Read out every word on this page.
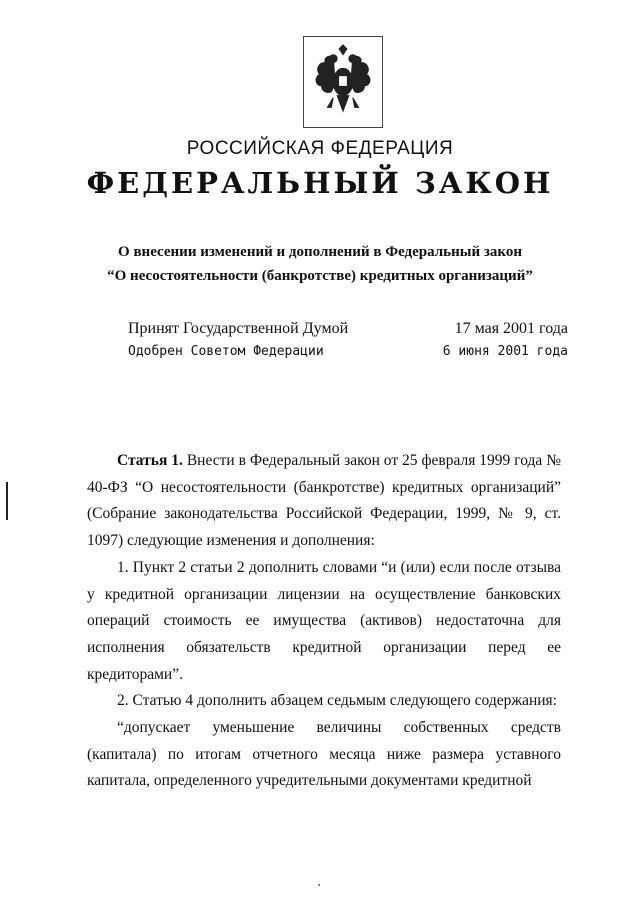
РОССИЙСКАЯ ФЕДЕРАЦИЯ
ФЕДЕРАЛЬНЫЙ ЗАКОН
О внесении изменений и дополнений в Федеральный закон
“О несостоятельности (банкротстве) кредитных организаций”
Принят Государственной Думой	17 мая 2001 года
Одобрен Советом Федерации	6 июня 2001 года

Статья 1. Внести в Федеральный закон от 25 февраля 1999 года № 40-ФЗ “О несостоятельности (банкротстве) кредитных организаций” (Собрание законодательства Российской Федерации, 1999, № 9, ст. 1097) следующие изменения и дополнения:

1. Пункт 2 статьи 2 дополнить словами “и (или) если после отзыва у кредитной организации лицензии на осуществление банковских операций стоимость ее имущества (активов) недостаточна для исполнения обязательств кредитной организации перед ее кредиторами”.

2. Статью 4 дополнить абзацем седьмым следующего содержания:

“допускает уменьшение величины собственных средств (капитала) по итогам отчетного месяца ниже размера уставного капитала, определенного учредительными документами кредитной
